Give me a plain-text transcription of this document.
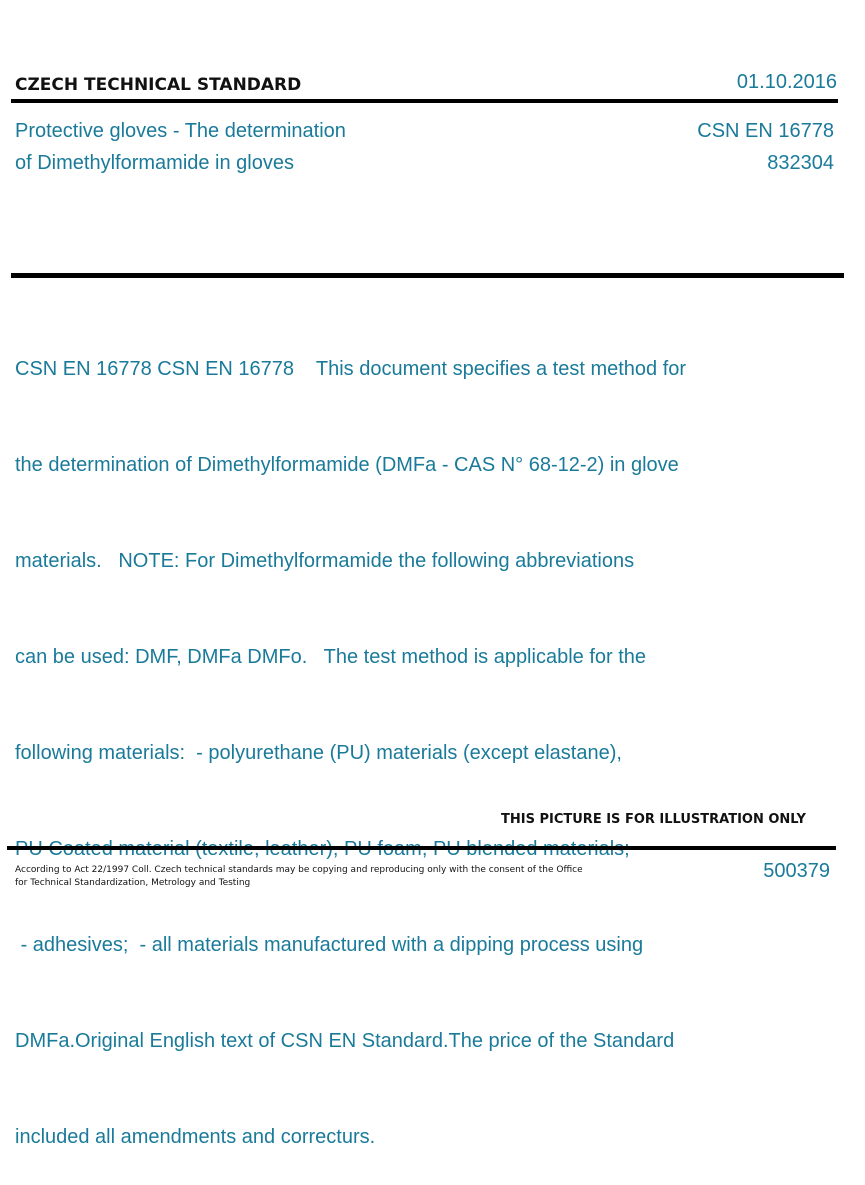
CZECH TECHNICAL STANDARD	01.10.2016
Protective gloves - The determination
of Dimethylformamide in gloves
CSN EN 16778
832304

CSN EN 16778 CSN EN 16778    This document specifies a test method for

the determination of Dimethylformamide (DMFa - CAS N° 68-12-2) in glove

materials.   NOTE: For Dimethylformamide the following abbreviations

can be used: DMF, DMFa DMFo.   The test method is applicable for the

following materials:  - polyurethane (PU) materials (except elastane),

- adhesives;  - all materials manufactured with a dipping process using

DMFa.Original English text of CSN EN Standard.The price of the Standard

included all amendments and correcturs.

THIS PICTURE IS FOR ILLUSTRATION ONLY
According to Act 22/1997 Coll. Czech technical standards may be copying and reproducing only with the consent of the Office
for Technical Standardization, Metrology and Testing
500379
